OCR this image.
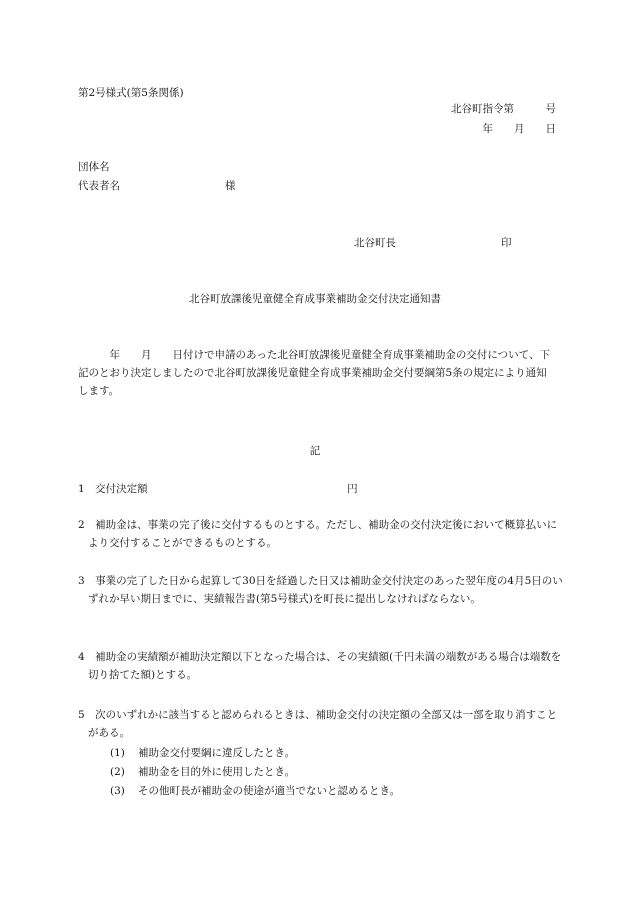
第2号様式(第5条関係)
北谷町指令第　　　号
年　　月　　日
団体名
代表者名　　　　　　　　　　様
北谷町長　　　　　　　　　　印
北谷町放課後児童健全育成事業補助金交付決定通知書
　　　年　　月　　日付けで申請のあった北谷町放課後児童健全育成事業補助金の交付について、下記のとおり決定しましたので北谷町放課後児童健全育成事業補助金交付要綱第5条の規定により通知します。
記
1　交付決定額　　　　　　　　　　　　　　　　　　　円
2　補助金は、事業の完了後に交付するものとする。ただし、補助金の交付決定後において概算払いにより交付することができるものとする。
3　事業の完了した日から起算して30日を経過した日又は補助金交付決定のあった翌年度の4月5日のいずれか早い期日までに、実績報告書(第5号様式)を町長に提出しなければならない。
4　補助金の実績額が補助決定額以下となった場合は、その実績額(千円未満の端数がある場合は端数を切り捨てた額)とする。
5　次のいずれかに該当すると認められるときは、補助金交付の決定額の全部又は一部を取り消すことがある。
(1) 補助金交付要綱に違反したとき。
(2) 補助金を目的外に使用したとき。
(3) その他町長が補助金の使途が適当でないと認めるとき。
